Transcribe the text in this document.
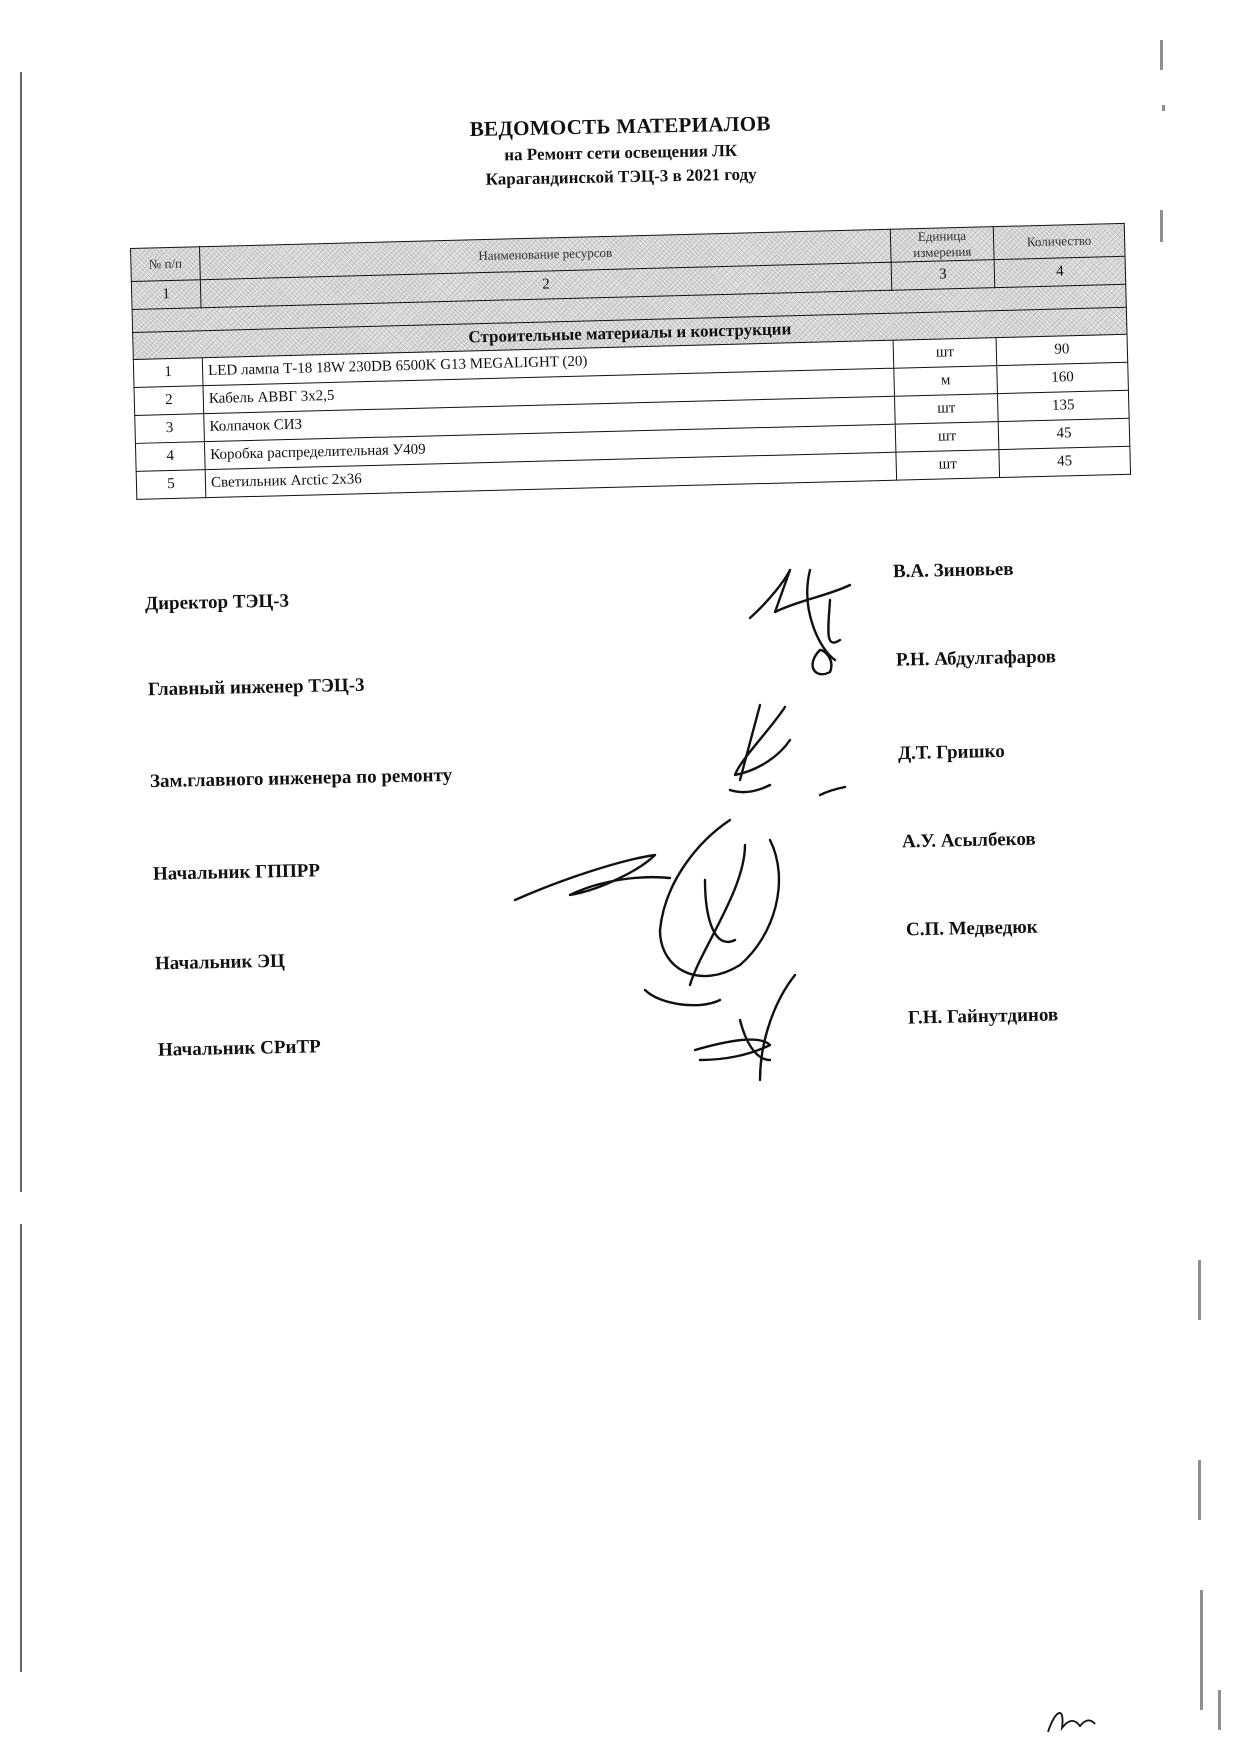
ВЕДОМОСТЬ МАТЕРИАЛОВ
на Ремонт сети освещения ЛК
Карагандинской ТЭЦ-3 в 2021 году
№ п/п	Наименование ресурсов	Единица измерения	Количество
1	2	3	4

Строительные материалы и конструкции			
1	LED лампа Т-18 18W 230DB 6500K G13 MEGALIGHT (20)	шт	90
2	Кабель АВВГ 3х2,5	м	160
3	Колпачок СИЗ	шт	135
4	Коробка распределительная У409	шт	45
5	Светильник Arctic 2х36	шт	45
Директор ТЭЦ-3
Главный инженер ТЭЦ-3
Зам.главного инженера по ремонту
Начальник ГППРР
Начальник ЭЦ
Начальник СРиТР
В.А. Зиновьев
Р.Н. Абдулгафаров
Д.Т. Гришко
А.У. Асылбеков
С.П. Медведюк
Г.Н. Гайнутдинов
